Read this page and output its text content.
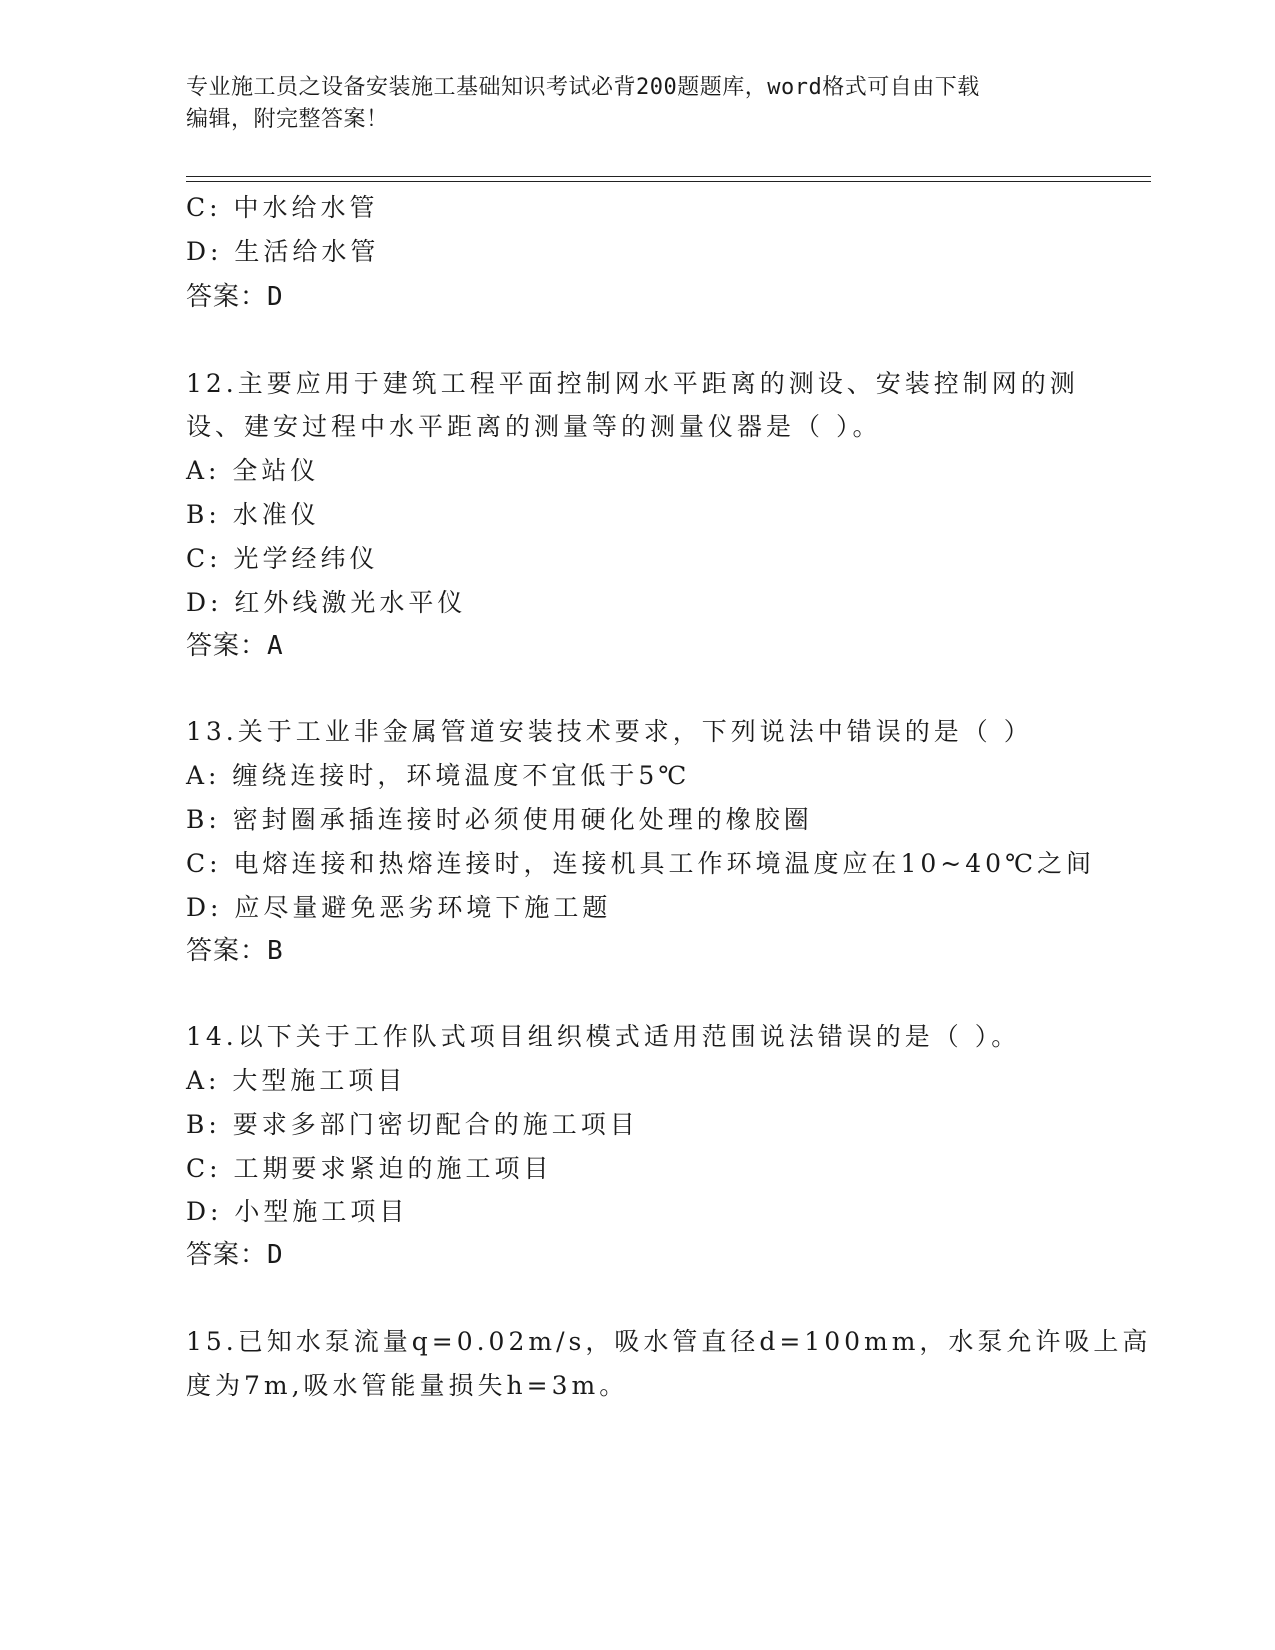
专业施工员之设备安装施工基础知识考试必背200题题库，word格式可自由下载
编辑，附完整答案！
C: 中水给水管
D: 生活给水管
答案：D
12.主要应用于建筑工程平面控制网水平距离的测设、安装控制网的测
设、建安过程中水平距离的测量等的测量仪器是（ ）。
A: 全站仪
B: 水准仪
C: 光学经纬仪
D: 红外线激光水平仪
答案：A
13.关于工业非金属管道安装技术要求，下列说法中错误的是（ ）
A: 缠绕连接时，环境温度不宜低于5℃
B: 密封圈承插连接时必须使用硬化处理的橡胶圈
C: 电熔连接和热熔连接时，连接机具工作环境温度应在10~40℃之间
D: 应尽量避免恶劣环境下施工题
答案：B
14.以下关于工作队式项目组织模式适用范围说法错误的是（ ）。
A: 大型施工项目
B: 要求多部门密切配合的施工项目
C: 工期要求紧迫的施工项目
D: 小型施工项目
答案：D
15.已知水泵流量q=0.02m/s，吸水管直径d=100mm，水泵允许吸上高
度为7m,吸水管能量损失h=3m。
